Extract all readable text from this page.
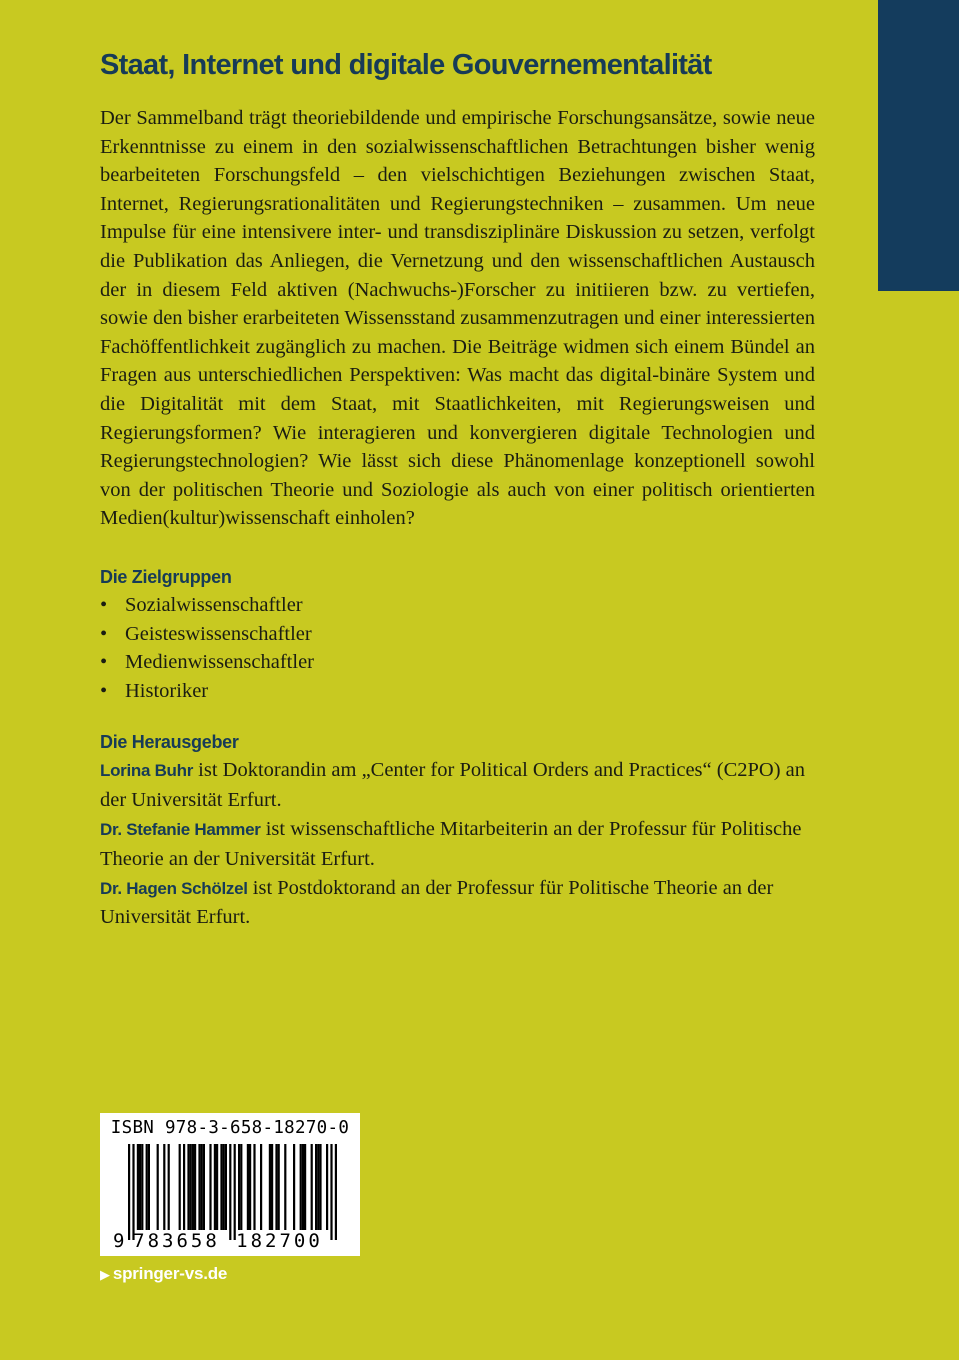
Staat, Internet und digitale Gouvernementalität

Der Sammelband trägt theoriebildende und empirische Forschungsansätze, sowie neue Erkenntnisse zu einem in den sozialwissenschaftlichen Betrachtungen bisher wenig bearbeiteten Forschungsfeld – den vielschichtigen Beziehungen zwischen Staat, Internet, Regierungsrationalitäten und Regierungstechniken – zusammen. Um neue Impulse für eine intensivere inter- und transdisziplinäre Diskussion zu setzen, verfolgt die Publikation das Anliegen, die Vernetzung und den wissenschaftlichen Austausch der in diesem Feld aktiven (Nachwuchs-)Forscher zu initiieren bzw. zu vertiefen, sowie den bisher erarbeiteten Wissensstand zusammenzutragen und einer interessierten Fachöffentlichkeit zugänglich zu machen. Die Beiträge widmen sich einem Bündel an Fragen aus unterschiedlichen Perspektiven: Was macht das digital-binäre System und die Digitalität mit dem Staat, mit Staatlichkeiten, mit Regierungsweisen und Regierungsformen? Wie interagieren und konvergieren digitale Technologien und Regierungstechnologien? Wie lässt sich diese Phänomenlage konzeptionell sowohl von der politischen Theorie und Soziologie als auch von einer politisch orientierten Medien(kultur)wissenschaft einholen?

Die Zielgruppen
• Sozialwissenschaftler
• Geisteswissenschaftler
• Medienwissenschaftler
• Historiker
Die Herausgeber

Lorina Buhr ist Doktorandin am „Center for Political Orders and Practices“ (C2PO) an der Universität Erfurt.

Dr. Stefanie Hammer ist wissenschaftliche Mitarbeiterin an der Professur für Politische Theorie an der Universität Erfurt.

Dr. Hagen Schölzel ist Postdoktorand an der Professur für Politische Theorie an der Universität Erfurt.

ISBN 978-3-658-18270-0
9 783658 182700
▶ springer-vs.de
